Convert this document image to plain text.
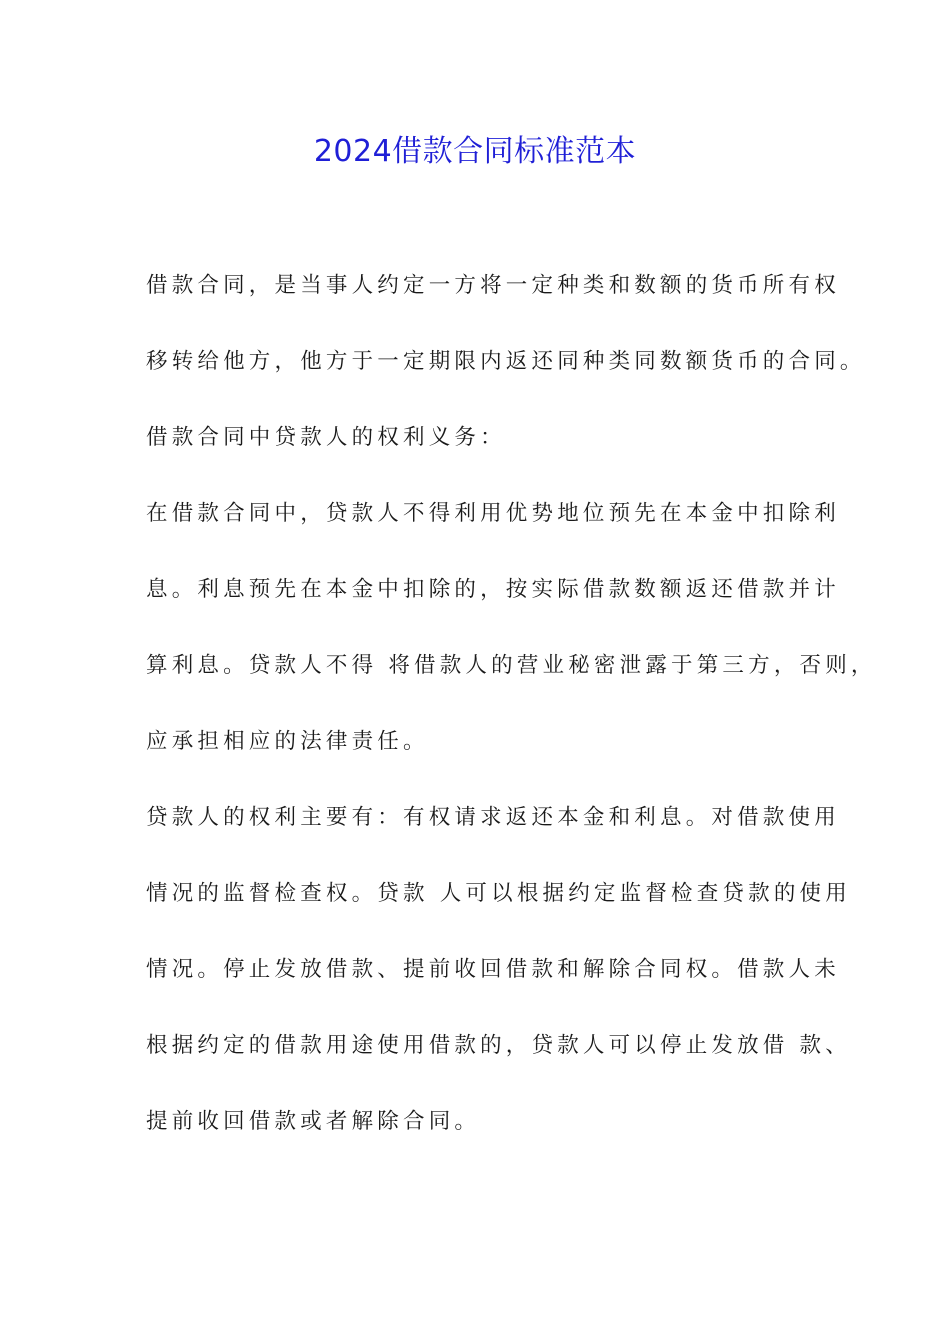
2024借款合同标准范本

借款合同，是当事人约定一方将一定种类和数额的货币所有权

移转给他方，他方于一定期限内返还同种类同数额货币的合同。

借款合同中贷款人的权利义务：

在借款合同中，贷款人不得利用优势地位预先在本金中扣除利

息。利息预先在本金中扣除的，按实际借款数额返还借款并计

算利息。贷款人不得 将借款人的营业秘密泄露于第三方，否则，

应承担相应的法律责任。

贷款人的权利主要有：有权请求返还本金和利息。对借款使用

情况的监督检查权。贷款 人可以根据约定监督检查贷款的使用

情况。停止发放借款、提前收回借款和解除合同权。借款人未

根据约定的借款用途使用借款的，贷款人可以停止发放借 款、

提前收回借款或者解除合同。
